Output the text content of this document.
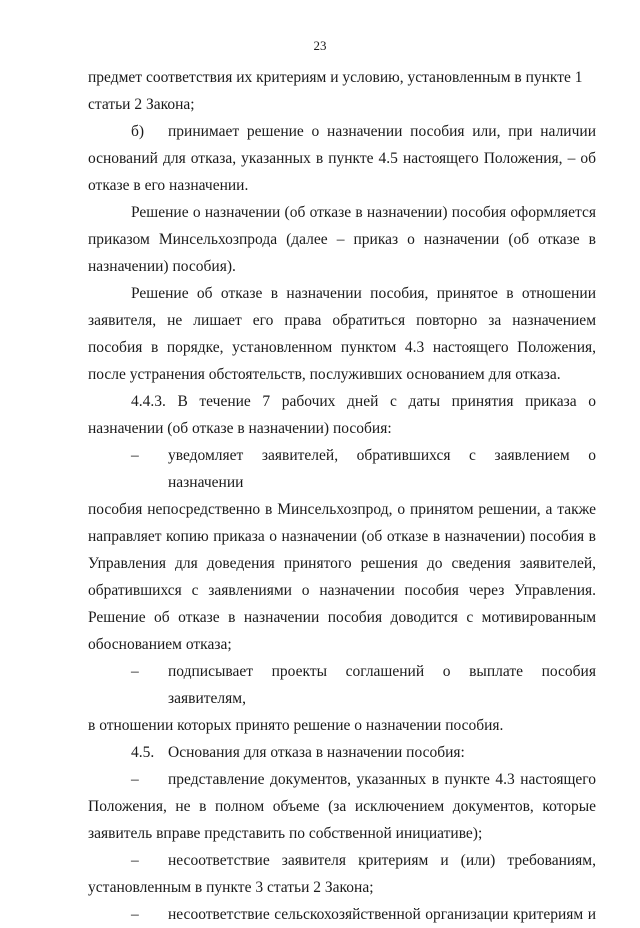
23

предмет соответствия их критериям и условию, установленным в пункте 1

статьи 2 Закона;

б)	принимает решение о назначении пособия или, при наличии

оснований для отказа, указанных в пункте 4.5 настоящего Положения, – об отказе в его назначении.

Решение о назначении (об отказе в назначении) пособия оформляется приказом Минсельхозпрода (далее – приказ о назначении (об отказе в назначении) пособия).

Решение об отказе в назначении пособия, принятое в отношении заявителя, не лишает его права обратиться повторно за назначением пособия в порядке, установленном пунктом 4.3 настоящего Положения, после устранения обстоятельств, послуживших основанием для отказа.

4.4.3. В течение 7 рабочих дней с даты принятия приказа о назначении (об отказе в назначении) пособия:

–	уведомляет заявителей, обратившихся с заявлением о назначении

пособия непосредственно в Минсельхозпрод, о принятом решении, а также направляет копию приказа о назначении (об отказе в назначении) пособия в Управления для доведения принятого решения до сведения заявителей, обратившихся с заявлениями о назначении пособия через Управления. Решение об отказе в назначении пособия доводится с мотивированным обоснованием отказа;

–	подписывает проекты соглашений о выплате пособия заявителям,

в отношении которых принято решение о назначении пособия.

4.5. Основания для отказа в назначении пособия:
–	представление документов, указанных в пункте 4.3 настоящего

Положения, не в полном объеме (за исключением документов, которые заявитель вправе представить по собственной инициативе);

–	несоответствие заявителя критериям и (или) требованиям,

установленным в пункте 3 статьи 2 Закона;

–	несоответствие сельскохозяйственной организации критериям и
